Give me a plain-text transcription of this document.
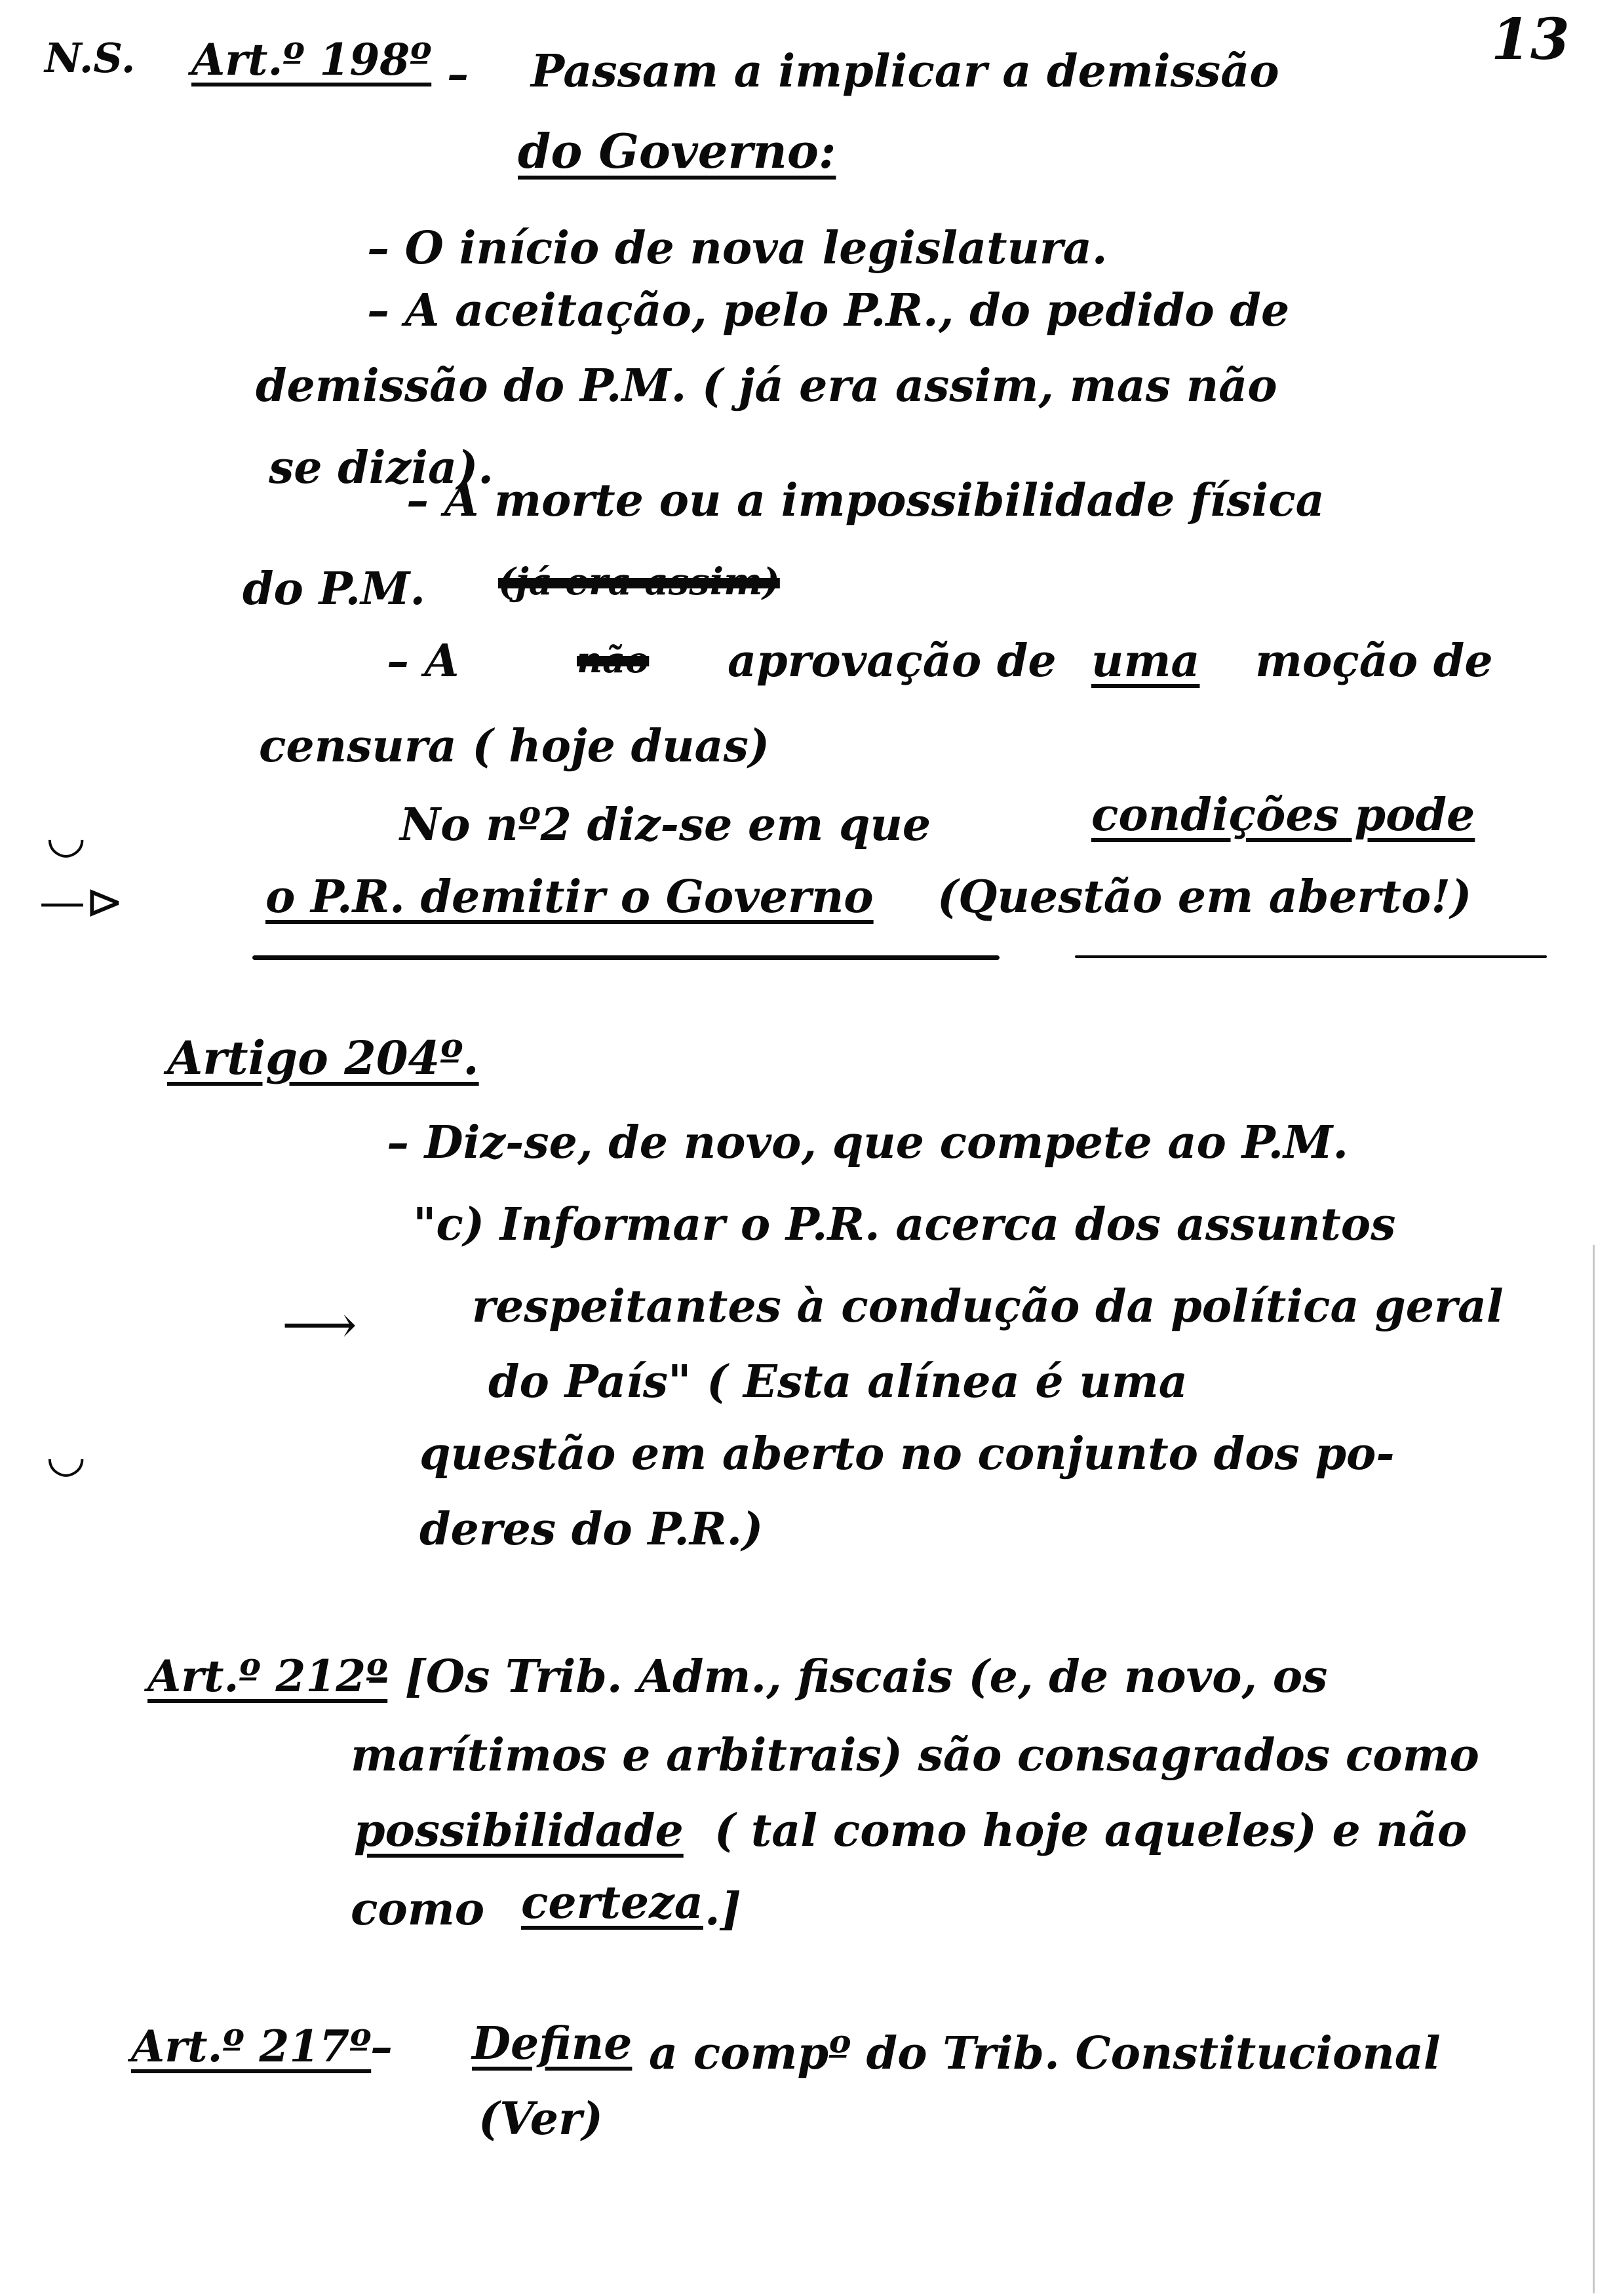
13
N.S. Art.º 198º – Passam a implicar a demissão
do Governo:
– O início de nova legislatura.
– A aceitação, pelo P.R., do pedido de
demissão do P.M. ( já era assim, mas não
se dizia).
– A morte ou a impossibilidade física
do P.M. (já era assim)
– A	não aprovação de uma moção de
censura ( hoje duas)
No nº2 diz-se em que	condições pode
o P.R. demitir o Governo (Questão em aberto!)
—⊳
◡
◡
⟶
Artigo 204º.
– Diz-se, de novo, que compete ao P.M.
"c) Informar o P.R. acerca dos assuntos
respeitantes à condução da política geral
do País" ( Esta alínea é uma
questão em aberto no conjunto dos po-
deres do P.R.)
Art.º 212º
– [Os Trib. Adm., fiscais (e, de novo, os
marítimos e arbitrais) são consagrados como
possibilidade ( tal como hoje aqueles) e não
como certeza .]
Art.º 217º
– Define a compº do Trib. Constitucional
(Ver)
